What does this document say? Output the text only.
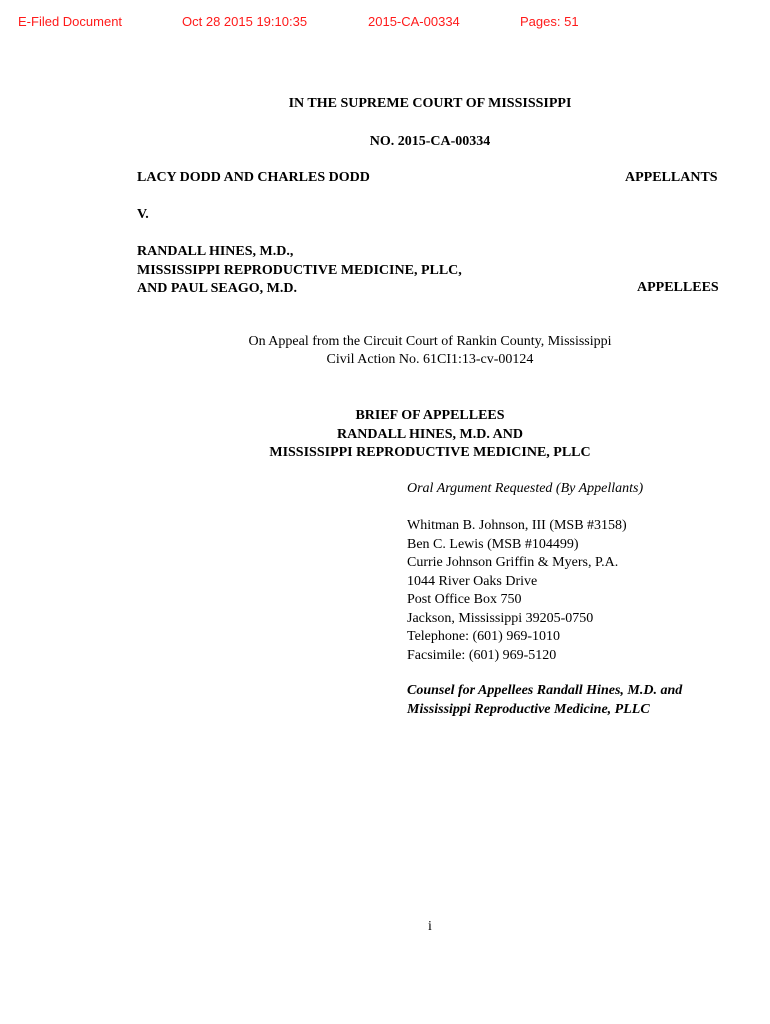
E-Filed Document	Oct 28 2015 19:10:35	2015-CA-00334	Pages: 51
IN THE SUPREME COURT OF MISSISSIPPI
NO. 2015-CA-00334
LACY DODD AND CHARLES DODD	APPELLANTS
V.
RANDALL HINES, M.D.,
MISSISSIPPI REPRODUCTIVE MEDICINE, PLLC,
AND PAUL SEAGO, M.D.	APPELLEES
On Appeal from the Circuit Court of Rankin County, Mississippi
Civil Action No. 61CI1:13-cv-00124
BRIEF OF APPELLEES
RANDALL HINES, M.D. AND
MISSISSIPPI REPRODUCTIVE MEDICINE, PLLC
Oral Argument Requested (By Appellants)
Whitman B. Johnson, III (MSB #3158)
Ben C. Lewis (MSB #104499)
Currie Johnson Griffin & Myers, P.A.
1044 River Oaks Drive
Post Office Box 750
Jackson, Mississippi 39205-0750
Telephone: (601) 969-1010
Facsimile: (601) 969-5120
Counsel for Appellees Randall Hines, M.D. and
Mississippi Reproductive Medicine, PLLC
i
